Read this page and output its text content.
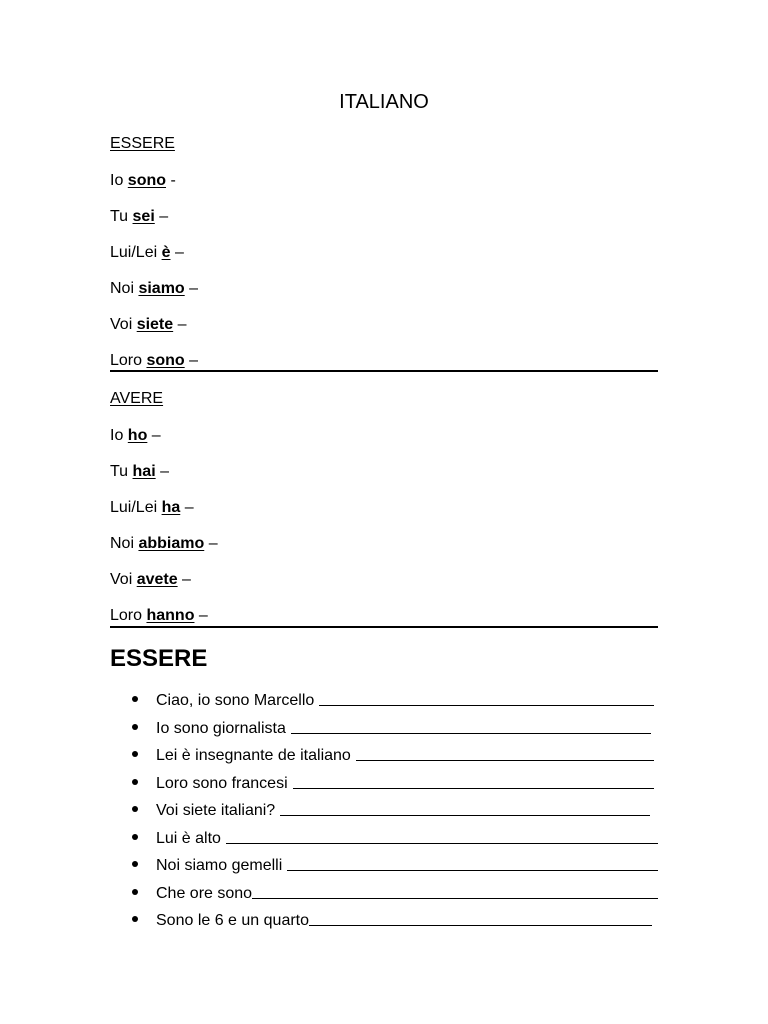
ITALIANO

ESSERE

Io sono -
Tu sei –
Lui/Lei è –
Noi siamo –
Voi siete –
Loro sono –

AVERE

Io ho –
Tu hai –
Lui/Lei ha –
Noi abbiamo –
Voi avete –
Loro hanno –
ESSERE
Ciao, io sono Marcello
Io sono giornalista
Lei è insegnante de italiano
Loro sono francesi
Voi siete italiani?
Lui è alto
Noi siamo gemelli
Che ore sono
Sono le 6 e un quarto
